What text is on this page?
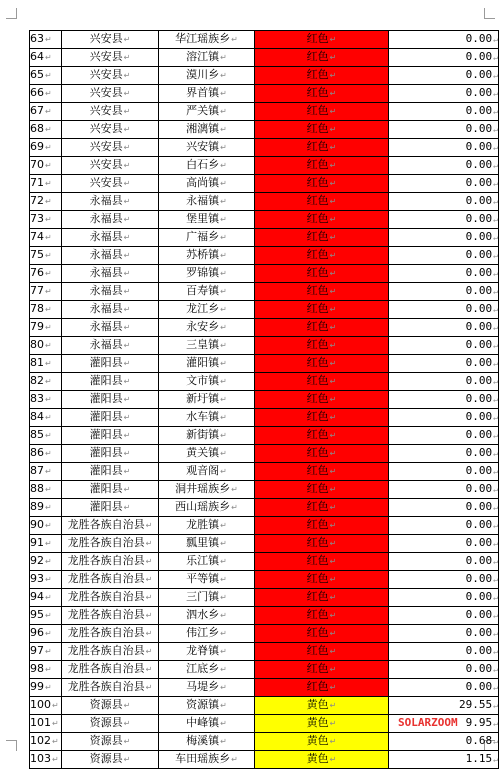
63↵	兴安县↵	华江瑶族乡↵	红色↵	0.00↵
64↵	兴安县↵	溶江镇↵	红色↵	0.00↵
65↵	兴安县↵	漠川乡↵	红色↵	0.00↵
66↵	兴安县↵	界首镇↵	红色↵	0.00↵
67↵	兴安县↵	严关镇↵	红色↵	0.00↵
68↵	兴安县↵	湘漓镇↵	红色↵	0.00↵
69↵	兴安县↵	兴安镇↵	红色↵	0.00↵
70↵	兴安县↵	白石乡↵	红色↵	0.00↵
71↵	兴安县↵	高尚镇↵	红色↵	0.00↵
72↵	永福县↵	永福镇↵	红色↵	0.00↵
73↵	永福县↵	堡里镇↵	红色↵	0.00↵
74↵	永福县↵	广福乡↵	红色↵	0.00↵
75↵	永福县↵	苏桥镇↵	红色↵	0.00↵
76↵	永福县↵	罗锦镇↵	红色↵	0.00↵
77↵	永福县↵	百寿镇↵	红色↵	0.00↵
78↵	永福县↵	龙江乡↵	红色↵	0.00↵
79↵	永福县↵	永安乡↵	红色↵	0.00↵
80↵	永福县↵	三皇镇↵	红色↵	0.00↵
81↵	灌阳县↵	灌阳镇↵	红色↵	0.00↵
82↵	灌阳县↵	文市镇↵	红色↵	0.00↵
83↵	灌阳县↵	新圩镇↵	红色↵	0.00↵
84↵	灌阳县↵	水车镇↵	红色↵	0.00↵
85↵	灌阳县↵	新街镇↵	红色↵	0.00↵
86↵	灌阳县↵	黄关镇↵	红色↵	0.00↵
87↵	灌阳县↵	观音阁↵	红色↵	0.00↵
88↵	灌阳县↵	洞井瑶族乡↵	红色↵	0.00↵
89↵	灌阳县↵	西山瑶族乡↵	红色↵	0.00↵
90↵	龙胜各族自治县↵	龙胜镇↵	红色↵	0.00↵
91↵	龙胜各族自治县↵	瓢里镇↵	红色↵	0.00↵
92↵	龙胜各族自治县↵	乐江镇↵	红色↵	0.00↵
93↵	龙胜各族自治县↵	平等镇↵	红色↵	0.00↵
94↵	龙胜各族自治县↵	三门镇↵	红色↵	0.00↵
95↵	龙胜各族自治县↵	泗水乡↵	红色↵	0.00↵
96↵	龙胜各族自治县↵	伟江乡↵	红色↵	0.00↵
97↵	龙胜各族自治县↵	龙脊镇↵	红色↵	0.00↵
98↵	龙胜各族自治县↵	江底乡↵	红色↵	0.00↵
99↵	龙胜各族自治县↵	马堤乡↵	红色↵	0.00↵
100↵	资源县↵	资源镇↵	黄色↵	29.55↵
101↵	资源县↵	中峰镇↵	黄色↵	9.95↵
102↵	资源县↵	梅溪镇↵	黄色↵	0.68↵
103↵	资源县↵	车田瑶族乡↵	黄色↵	1.15↵
SOLARZOOM
